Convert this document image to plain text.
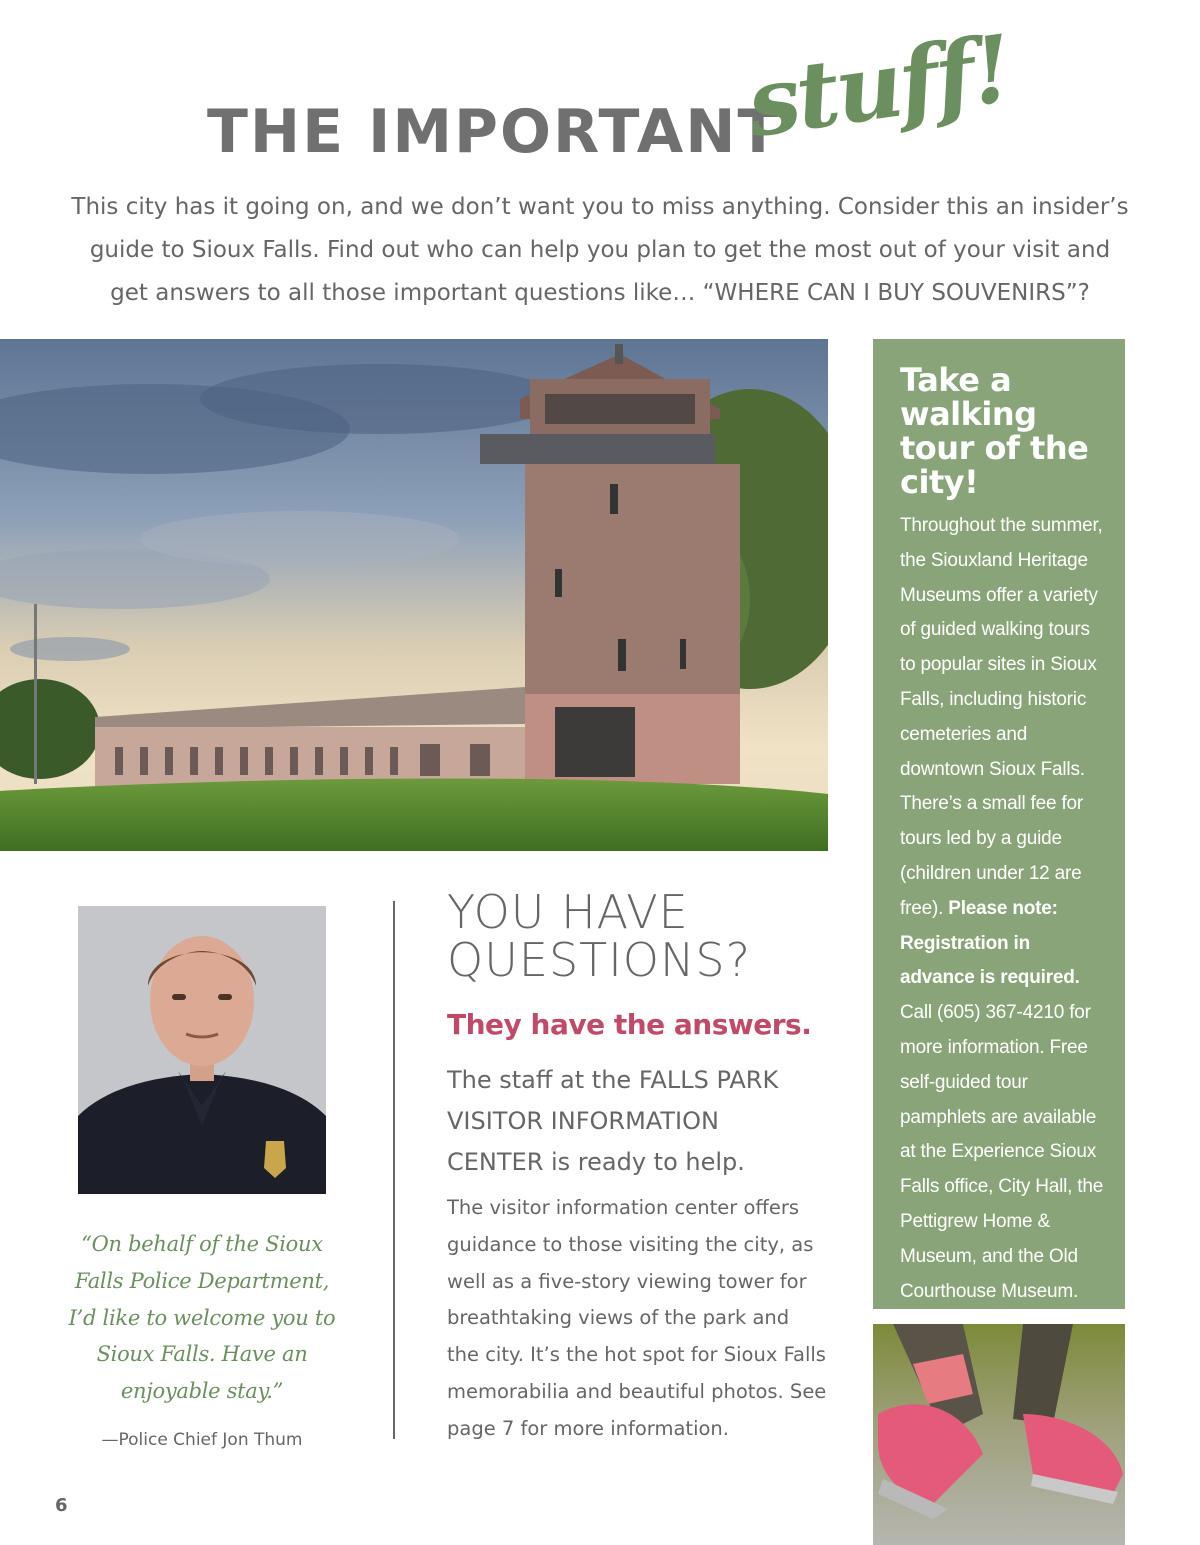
THE IMPORTANT
stuff!

This city has it going on, and we don’t want you to miss anything. Consider this an insider’s guide to Sioux Falls. Find out who can help you plan to get the most out of your visit and get answers to all those important questions like… “WHERE CAN I BUY SOUVENIRS”?

Take a walking tour of the city!

Throughout the summer, the Siouxland Heritage Museums offer a variety of guided walking tours to popular sites in Sioux Falls, including historic cemeteries and downtown Sioux Falls. There’s a small fee for tours led by a guide (children under 12 are free). Please note: Registration in advance is required. Call (605) 367-4210 for more information. Free self-guided tour pamphlets are available at the Experience Sioux Falls office, City Hall, the Pettigrew Home & Museum, and the Old Courthouse Museum.

“On behalf of the Sioux Falls Police Department, I’d like to welcome you to Sioux Falls. Have an enjoyable stay.”

—Police Chief Jon Thum

YOU HAVE QUESTIONS?
They have the answers.

The staff at the FALLS PARK VISITOR INFORMATION CENTER is ready to help.

The visitor information center offers guidance to those visiting the city, as well as a five-story viewing tower for breathtaking views of the park and the city. It’s the hot spot for Sioux Falls memorabilia and beautiful photos. See page 7 for more information.

6
